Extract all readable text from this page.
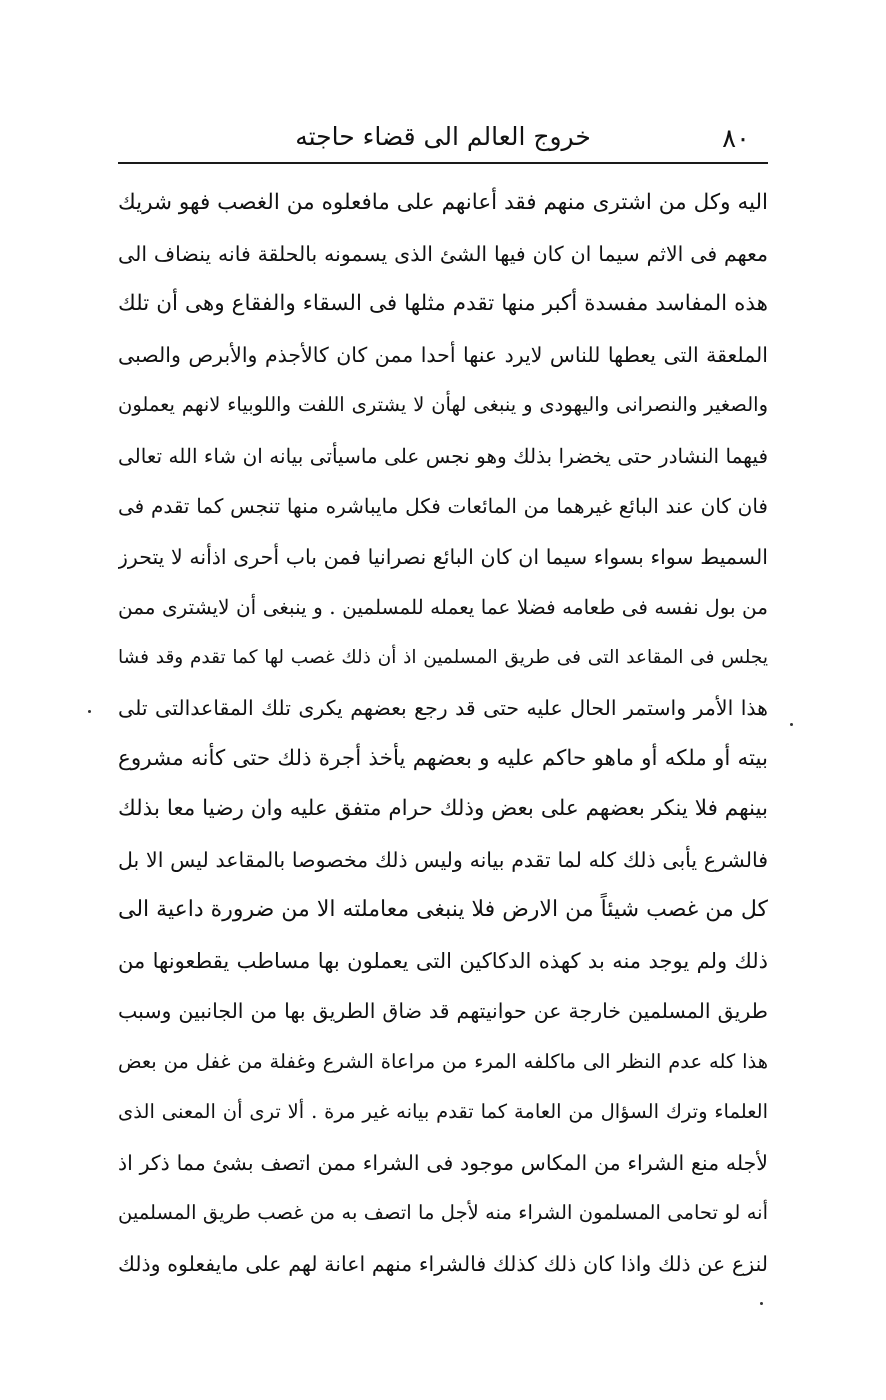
٨٠
خروج العالم الى قضاء حاجته
اليه وكل من اشترى منهم فقد أعانهم على مافعلوه من الغصب فهو شريك
معهم فى الاثم سيما ان كان فيها الشئ الذى يسمونه بالحلقة فانه ينضاف الى
هذه المفاسد مفسدة أكبر منها تقدم مثلها فى السقاء والفقاع وهى أن تلك
الملعقة التى يعطها للناس لايرد عنها أحدا ممن كان كالأجذم والأبرص والصبى
والصغير والنصرانى واليهودى و ينبغى لهأن لا يشترى اللفت واللوبياء لانهم يعملون
فيهما النشادر حتى يخضرا بذلك وهو نجس على ماسيأتى بيانه ان شاء الله تعالى
فان كان عند البائع غيرهما من المائعات فكل مايباشره منها تنجس كما تقدم فى
السميط سواء بسواء سيما ان كان البائع نصرانيا فمن باب أحرى اذأنه لا يتحرز
من بول نفسه فى طعامه فضلا عما يعمله للمسلمين . و ينبغى أن لايشترى ممن
يجلس فى المقاعد التى فى طريق المسلمين اذ أن ذلك غصب لها كما تقدم وقد فشا
هذا الأمر واستمر الحال عليه حتى قد رجع بعضهم يكرى تلك المقاعدالتى تلى
بيته أو ملكه أو ماهو حاكم عليه و بعضهم يأخذ أجرة ذلك حتى كأنه مشروع
بينهم فلا ينكر بعضهم على بعض وذلك حرام متفق عليه وان رضيا معا بذلك
فالشرع يأبى ذلك كله لما تقدم بيانه وليس ذلك مخصوصا بالمقاعد ليس الا بل
كل من غصب شيئاً من الارض فلا ينبغى معاملته الا من ضرورة داعية الى
ذلك ولم يوجد منه بد كهذه الدكاكين التى يعملون بها مساطب يقطعونها من
طريق المسلمين خارجة عن حوانيتهم قد ضاق الطريق بها من الجانبين وسبب
هذا كله عدم النظر الى ماكلفه المرء من مراعاة الشرع وغفلة من غفل من بعض
العلماء وترك السؤال من العامة كما تقدم بيانه غير مرة . ألا ترى أن المعنى الذى
لأجله منع الشراء من المكاس موجود فى الشراء ممن اتصف بشئ مما ذكر اذ
أنه لو تحامى المسلمون الشراء منه لأجل ما اتصف به من غصب طريق المسلمين
لنزع عن ذلك واذا كان ذلك كذلك فالشراء منهم اعانة لهم على مايفعلوه وذلك
